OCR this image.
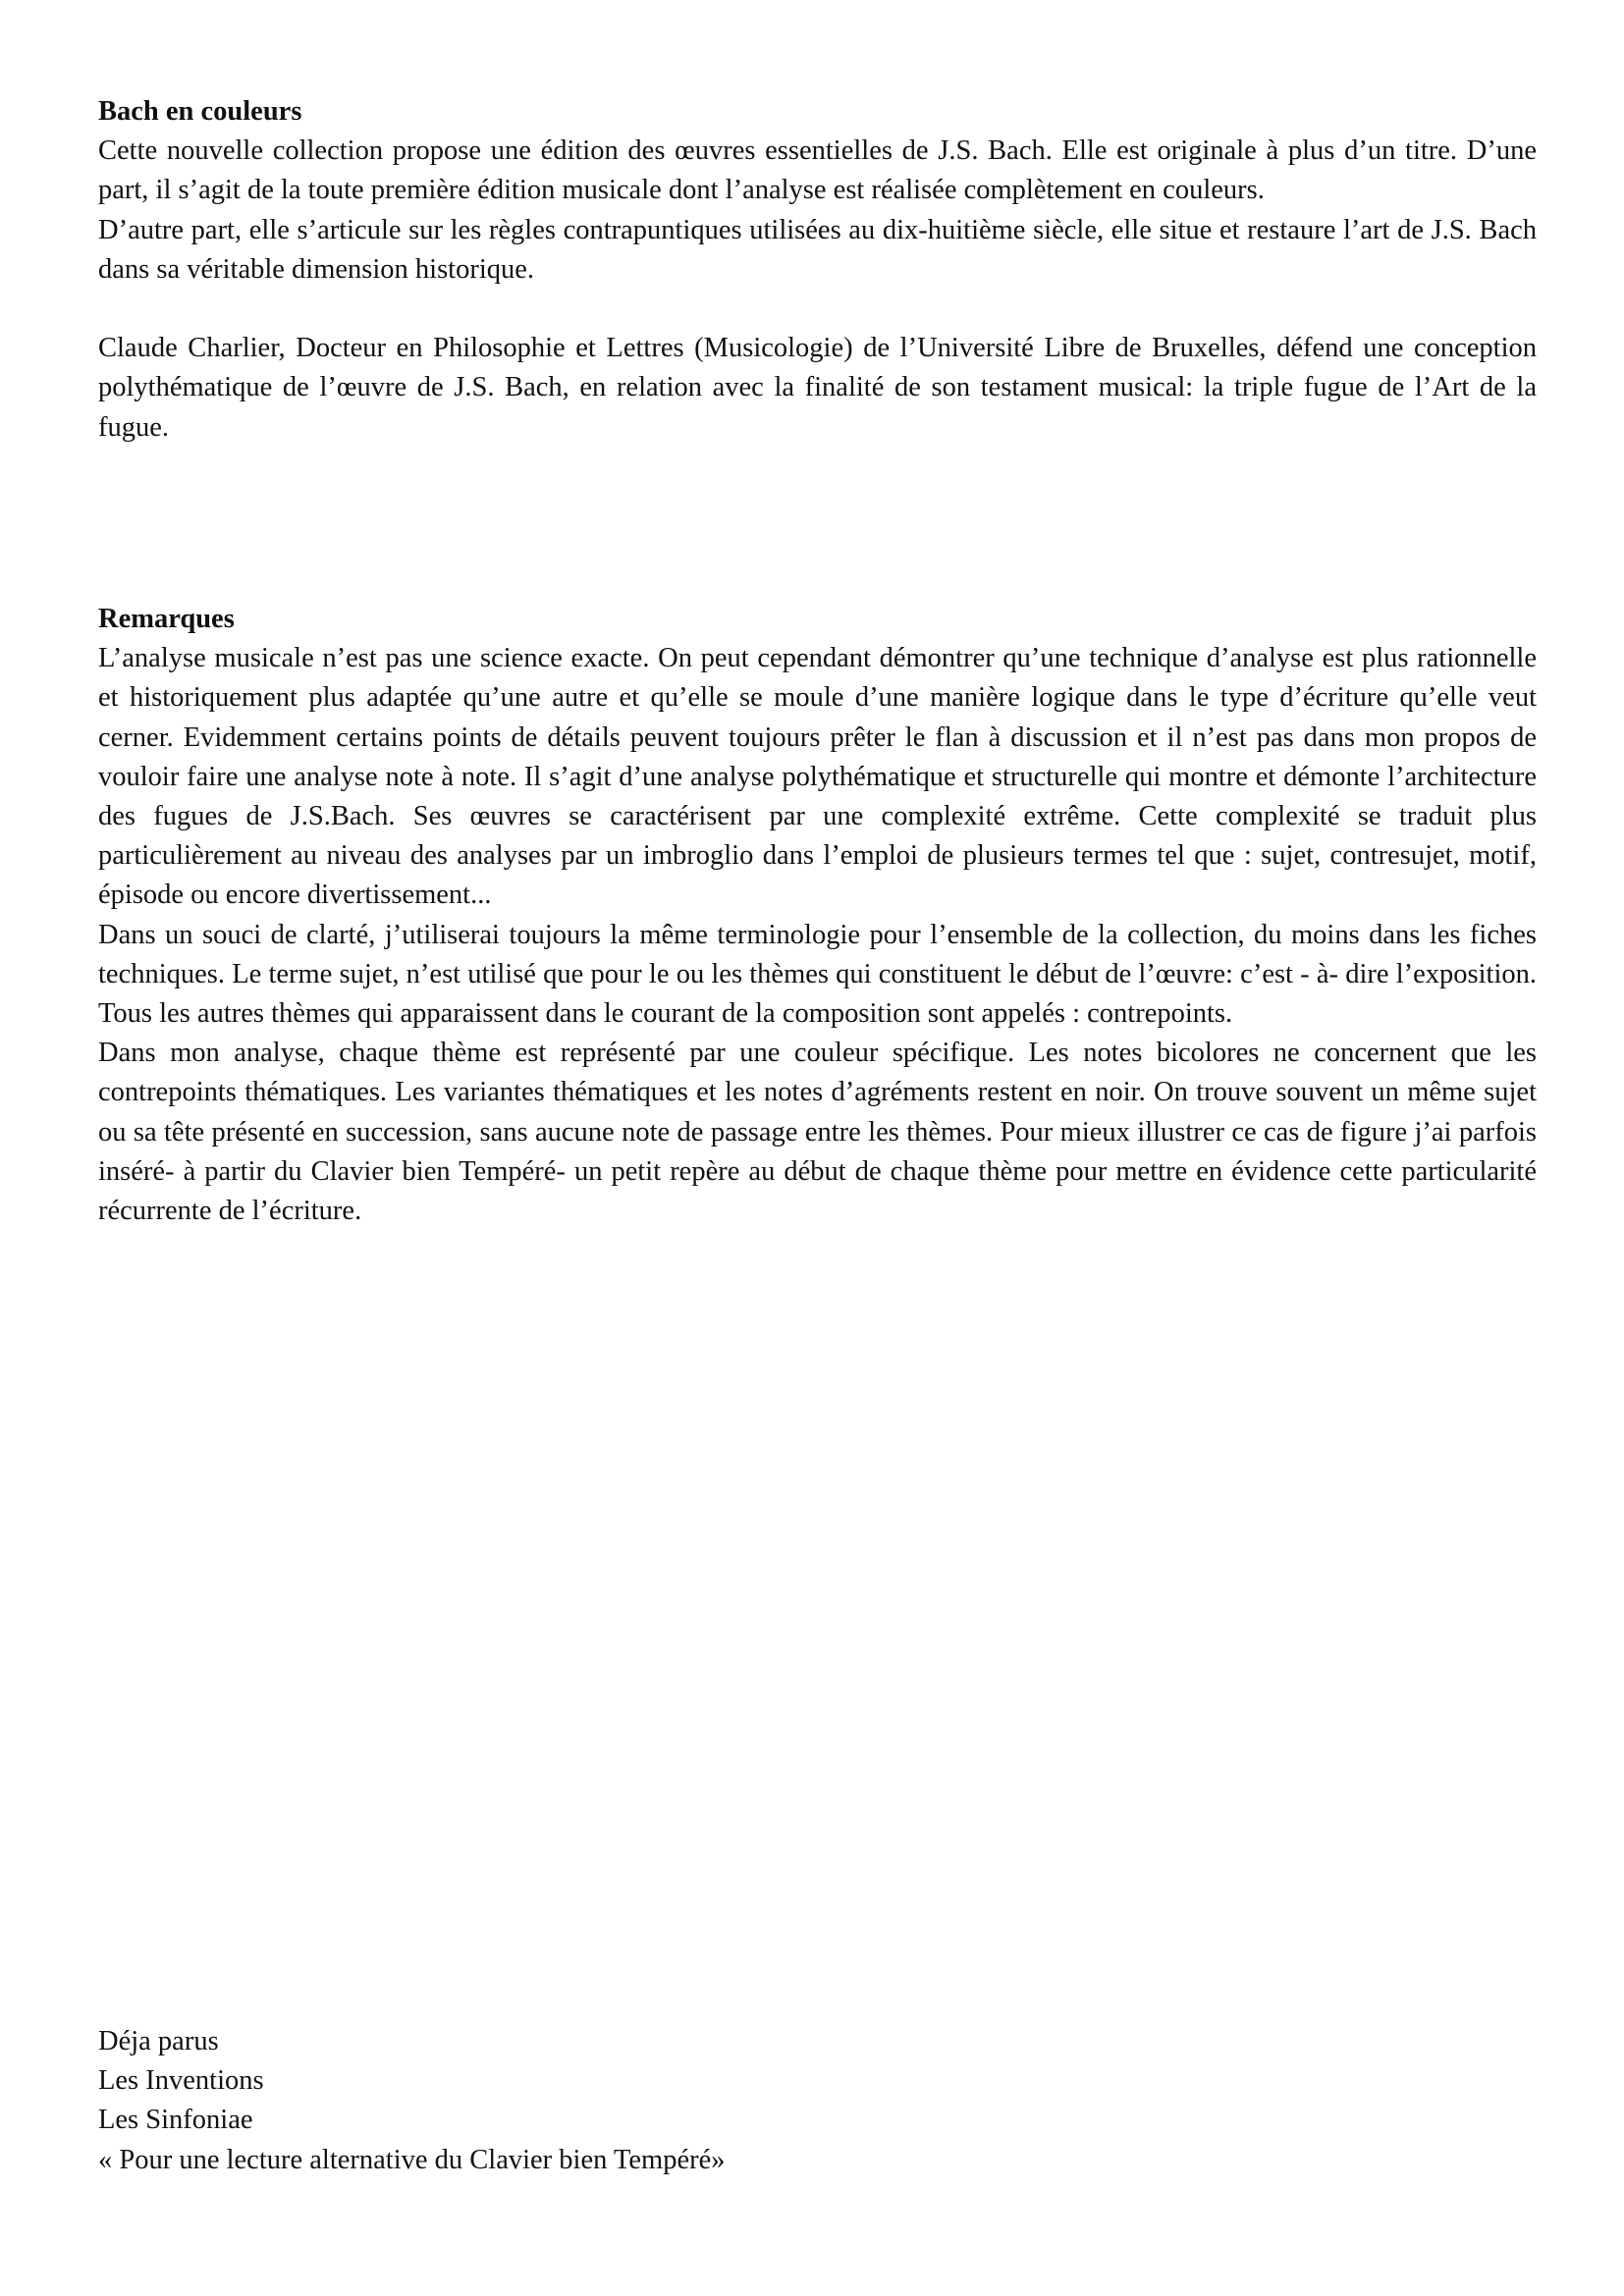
Bach en couleurs

Cette nouvelle collection propose une édition des œuvres essentielles de J.S. Bach. Elle est originale à plus d’un titre. D’une part, il s’agit de la toute première édition musicale dont l’analyse est réalisée complètement en couleurs.

D’autre part, elle s’articule sur les règles contrapuntiques utilisées au dix-huitième siècle, elle situe et restaure l’art de J.S. Bach dans sa véritable dimension historique.

Claude Charlier, Docteur en Philosophie et Lettres (Musicologie) de l’Université Libre de Bruxelles, défend une conception polythématique de l’œuvre de J.S. Bach, en relation avec la finalité de son testament musical: la triple fugue de l’Art de la fugue.

Remarques

L’analyse musicale n’est pas une science exacte. On peut cependant démontrer qu’une technique d’analyse est plus rationnelle et historiquement plus adaptée qu’une autre et qu’elle se moule d’une manière logique dans le type d’écriture qu’elle veut cerner. Evidemment certains points de détails peuvent toujours prêter le flan à discussion et il n’est pas dans mon propos de vouloir faire une analyse note à note. Il s’agit d’une analyse polythématique et structurelle qui montre et démonte l’architecture des fugues de J.S.Bach. Ses œuvres se caractérisent par une complexité extrême. Cette complexité se traduit plus particulièrement au niveau des analyses par un imbroglio dans l’emploi de plusieurs termes tel que : sujet, contresujet, motif, épisode ou encore divertissement...

Dans un souci de clarté, j’utiliserai toujours la même terminologie pour l’ensemble de la collection, du moins dans les fiches techniques. Le terme sujet, n’est utilisé que pour le ou les thèmes qui constituent le début de l’œuvre: c’est - à- dire l’exposition. Tous les autres thèmes qui apparaissent dans le courant de la composition sont appelés : contrepoints.

Dans mon analyse, chaque thème est représenté par une couleur spécifique. Les notes bicolores ne concernent que les contrepoints thématiques. Les variantes thématiques et les notes d’agréments restent en noir. On trouve souvent un même sujet ou sa tête présenté en succession, sans aucune note de passage entre les thèmes. Pour mieux illustrer ce cas de figure j’ai parfois inséré- à partir du Clavier bien Tempéré- un petit repère au début de chaque thème pour mettre en évidence cette particularité récurrente de l’écriture.

Déja parus

Les Inventions

Les Sinfoniae

« Pour une lecture alternative du Clavier bien Tempéré»
